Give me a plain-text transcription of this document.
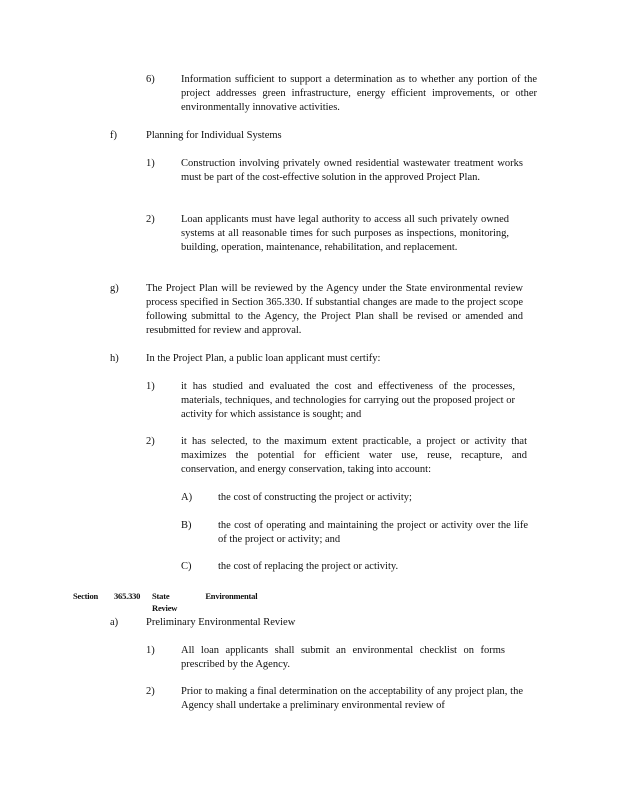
6)	Information sufficient to support a determination as to whether any portion of the project addresses green infrastructure, energy efficient improvements, or other environmentally innovative activities.
f)	Planning for Individual Systems
1)	Construction involving privately owned residential wastewater treatment works must be part of the cost-effective solution in the approved Project Plan.
2)	Loan applicants must have legal authority to access all such privately owned systems at all reasonable times for such purposes as inspections, monitoring, building, operation, maintenance, rehabilitation, and replacement.
g)	The Project Plan will be reviewed by the Agency under the State environmental review process specified in Section 365.330. If substantial changes are made to the project scope following submittal to the Agency, the Project Plan shall be revised or amended and resubmitted for review and approval.
h)	In the Project Plan, a public loan applicant must certify:
1)	it has studied and evaluated the cost and effectiveness of the processes, materials, techniques, and technologies for carrying out the proposed project or activity for which assistance is sought; and
2)	it has selected, to the maximum extent practicable, a project or activity that maximizes the potential for efficient water use, reuse, recapture, and conservation, and energy conservation, taking into account:
A) the cost of constructing the project or activity;
B)	the cost of operating and maintaining the project or activity over the life of the project or activity; and
C)	the cost of replacing the project or activity.
Section 365.330 State Environmental Review
a)	Preliminary Environmental Review
1)	All loan applicants shall submit an environmental checklist on forms prescribed by the Agency.
2)	Prior to making a final determination on the acceptability of any project plan, the Agency shall undertake a preliminary environmental review of
